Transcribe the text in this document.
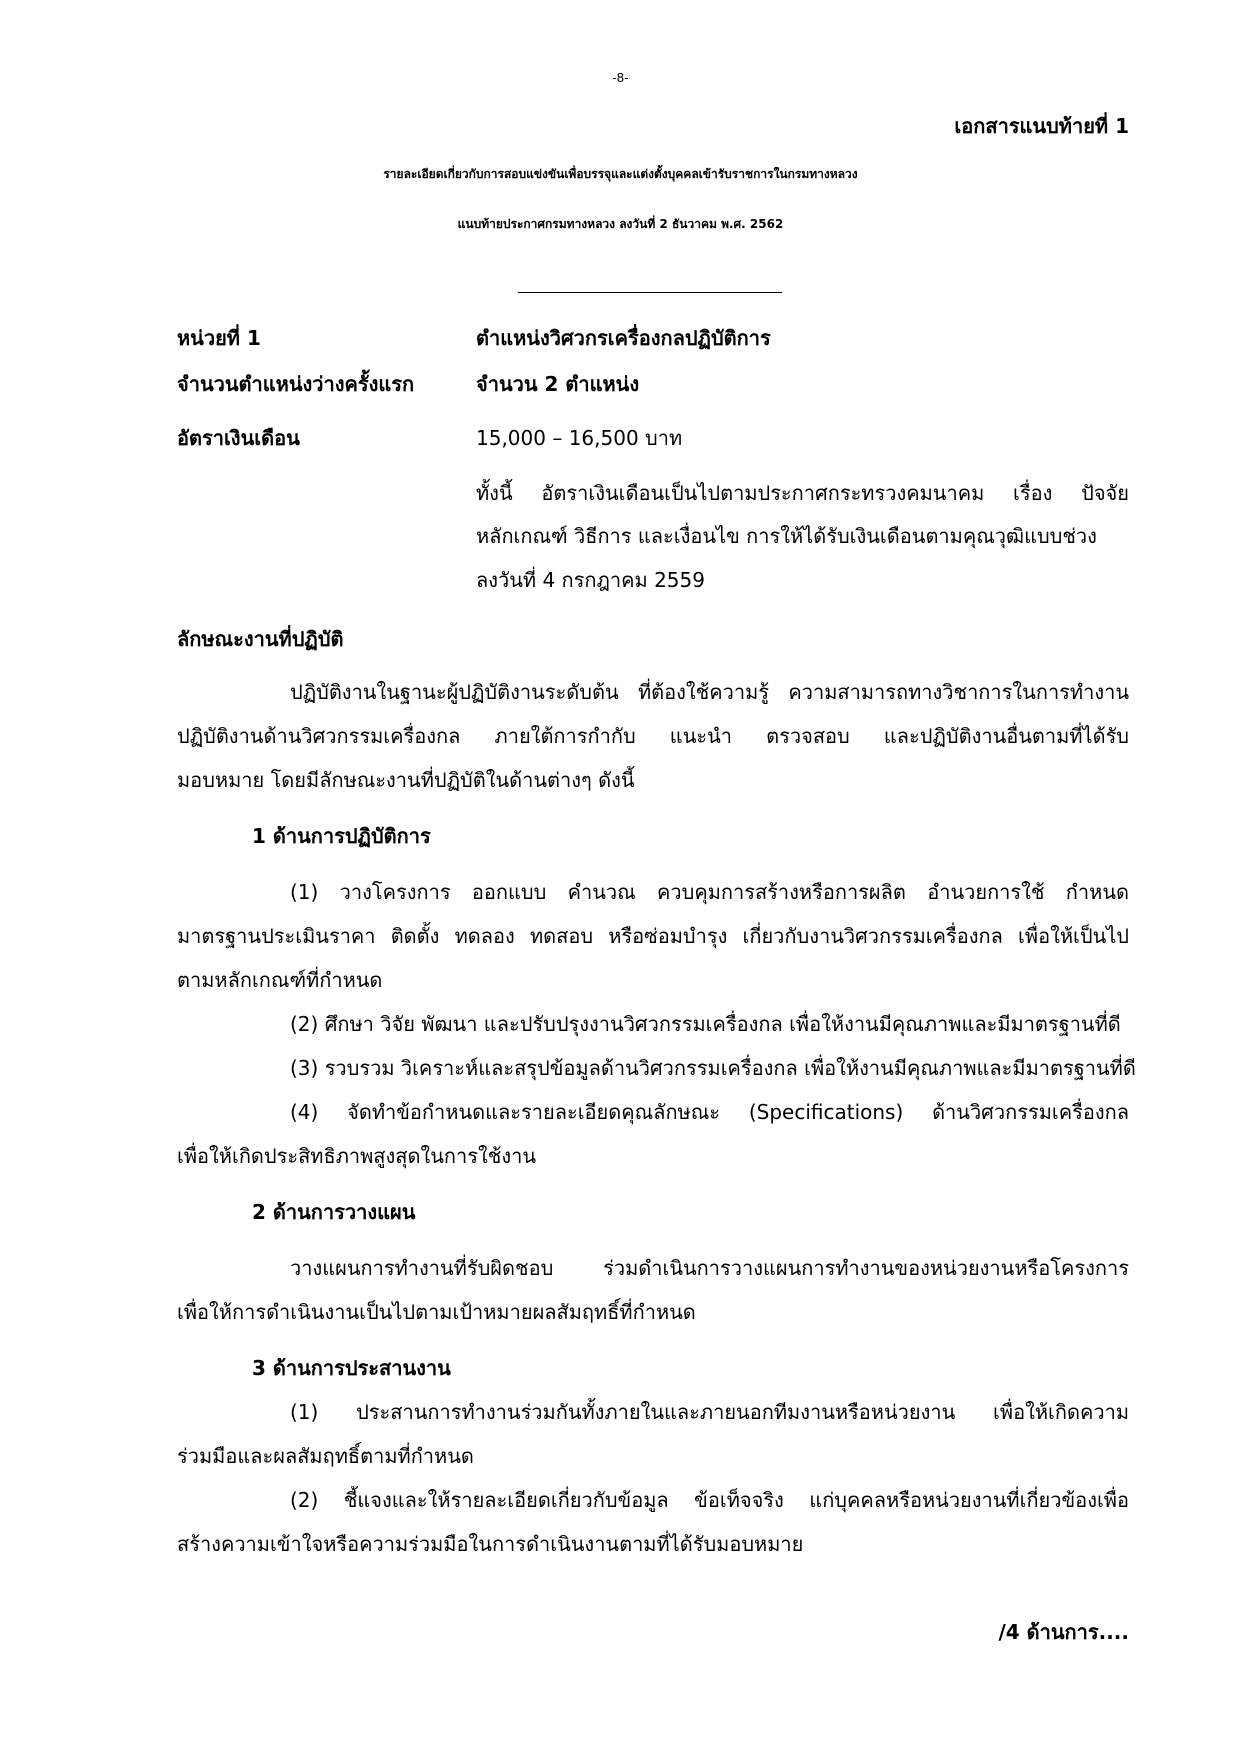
-8-
เอกสารแนบท้ายที่ 1
รายละเอียดเกี่ยวกับการสอบแข่งขันเพื่อบรรจุและแต่งตั้งบุคคลเข้ารับราชการในกรมทางหลวง
แนบท้ายประกาศกรมทางหลวง ลงวันที่ 2 ธันวาคม พ.ศ. 2562
หน่วยที่ 1	ตำแหน่งวิศวกรเครื่องกลปฏิบัติการ
จำนวนตำแหน่งว่างครั้งแรก	จำนวน 2 ตำแหน่ง
อัตราเงินเดือน	15,000 – 16,500 บาท
ทั้งนี้ อัตราเงินเดือนเป็นไปตามประกาศกระทรวงคมนาคม เรื่อง ปัจจัย
หลักเกณฑ์ วิธีการ และเงื่อนไข การให้ได้รับเงินเดือนตามคุณวุฒิแบบช่วง
ลงวันที่ 4 กรกฎาคม 2559
ลักษณะงานที่ปฏิบัติ
ปฏิบัติงานในฐานะผู้ปฏิบัติงานระดับต้น ที่ต้องใช้ความรู้ ความสามารถทางวิชาการในการทำงาน
ปฏิบัติงานด้านวิศวกรรมเครื่องกล ภายใต้การกำกับ แนะนำ ตรวจสอบ และปฏิบัติงานอื่นตามที่ได้รับ
มอบหมาย โดยมีลักษณะงานที่ปฏิบัติในด้านต่างๆ ดังนี้
1 ด้านการปฏิบัติการ
(1) วางโครงการ ออกแบบ คำนวณ ควบคุมการสร้างหรือการผลิต อำนวยการใช้ กำหนด
มาตรฐานประเมินราคา ติดตั้ง ทดลอง ทดสอบ หรือซ่อมบำรุง เกี่ยวกับงานวิศวกรรมเครื่องกล เพื่อให้เป็นไป
ตามหลักเกณฑ์ที่กำหนด
(2) ศึกษา วิจัย พัฒนา และปรับปรุงงานวิศวกรรมเครื่องกล เพื่อให้งานมีคุณภาพและมีมาตรฐานที่ดี
(3) รวบรวม วิเคราะห์และสรุปข้อมูลด้านวิศวกรรมเครื่องกล เพื่อให้งานมีคุณภาพและมีมาตรฐานที่ดี
(4) จัดทำข้อกำหนดและรายละเอียดคุณลักษณะ (Specifications) ด้านวิศวกรรมเครื่องกล
เพื่อให้เกิดประสิทธิภาพสูงสุดในการใช้งาน
2 ด้านการวางแผน
วางแผนการทำงานที่รับผิดชอบ ร่วมดำเนินการวางแผนการทำงานของหน่วยงานหรือโครงการ
เพื่อให้การดำเนินงานเป็นไปตามเป้าหมายผลสัมฤทธิ์ที่กำหนด
3 ด้านการประสานงาน
(1) ประสานการทำงานร่วมกันทั้งภายในและภายนอกทีมงานหรือหน่วยงาน เพื่อให้เกิดความ
ร่วมมือและผลสัมฤทธิ์ตามที่กำหนด
(2) ชี้แจงและให้รายละเอียดเกี่ยวกับข้อมูล ข้อเท็จจริง แก่บุคคลหรือหน่วยงานที่เกี่ยวข้องเพื่อ
สร้างความเข้าใจหรือความร่วมมือในการดำเนินงานตามที่ได้รับมอบหมาย
/4 ด้านการ....
